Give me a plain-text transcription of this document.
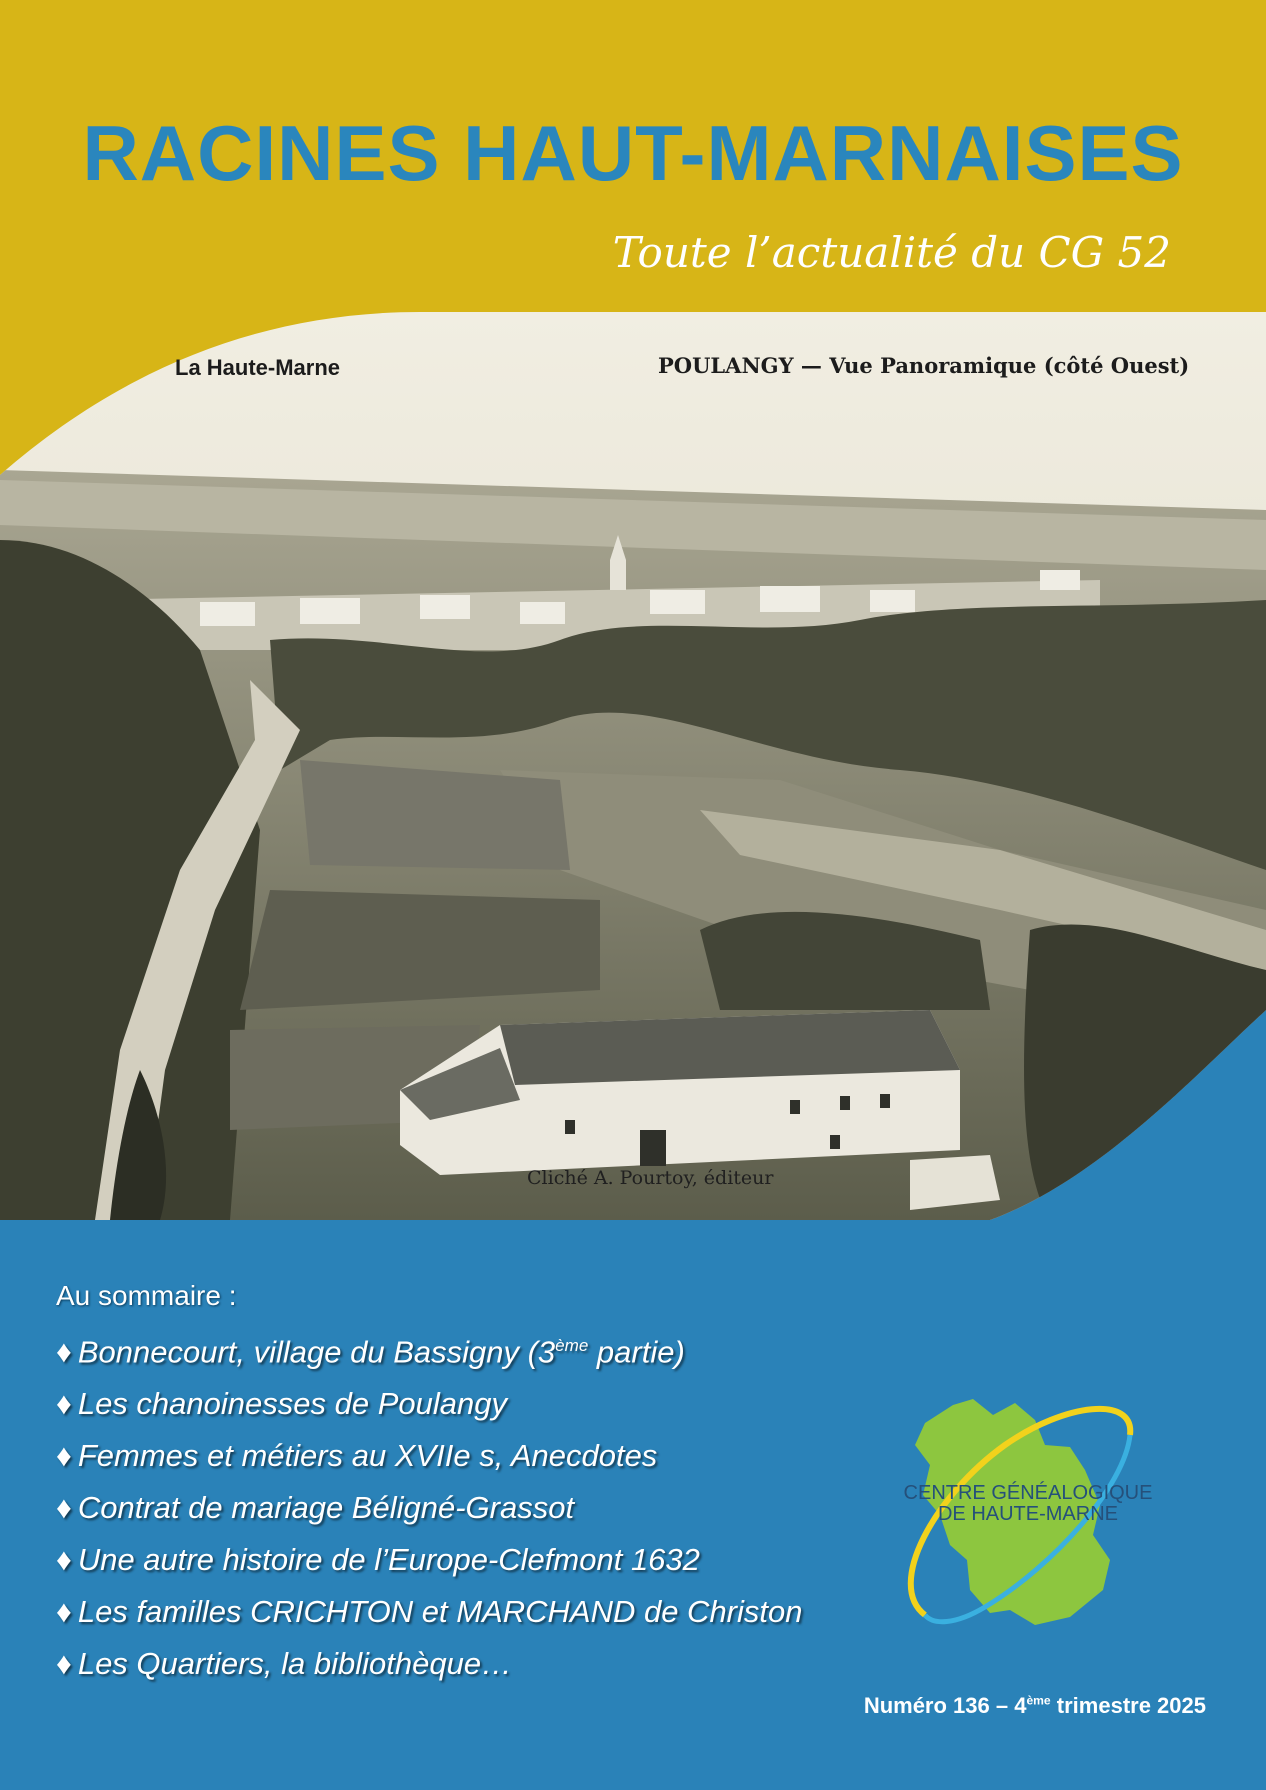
RACINES HAUT-MARNAISES
Toute l’actualité du CG 52
La Haute-Marne	POULANGY — Vue Panoramique (côté Ouest)
Cliché A. Pourtoy, éditeur
Au sommaire :
♦ Bonnecourt, village du Bassigny (3ème partie)
♦ Les chanoinesses de Poulangy
♦ Femmes et métiers au XVIIe s, Anecdotes
♦ Contrat de mariage Béligné-Grassot
♦ Une autre histoire de l’Europe-Clefmont 1632
♦ Les familles CRICHTON et MARCHAND de Christon
♦ Les Quartiers, la bibliothèque…
CENTRE GÉNÉALOGIQUE
DE HAUTE-MARNE
Numéro 136 – 4ème trimestre 2025
